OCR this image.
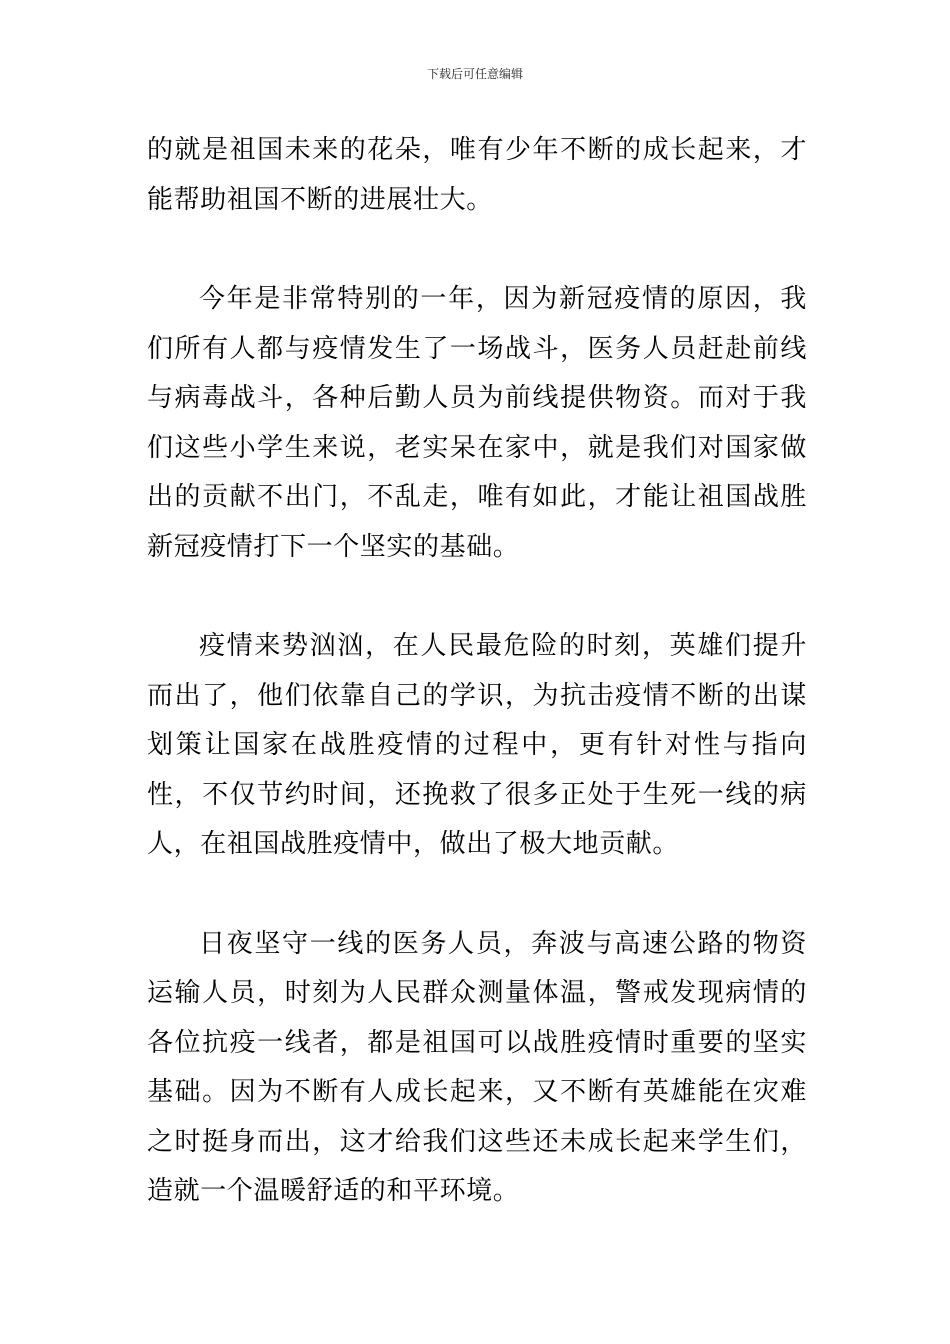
下载后可任意编辑

的就是祖国未来的花朵，唯有少年不断的成长起来，才能帮助祖国不断的进展壮大。

今年是非常特别的一年，因为新冠疫情的原因，我们所有人都与疫情发生了一场战斗，医务人员赶赴前线与病毒战斗，各种后勤人员为前线提供物资。而对于我们这些小学生来说，老实呆在家中，就是我们对国家做出的贡献不出门，不乱走，唯有如此，才能让祖国战胜新冠疫情打下一个坚实的基础。

疫情来势汹汹，在人民最危险的时刻，英雄们提升而出了，他们依靠自己的学识，为抗击疫情不断的出谋划策让国家在战胜疫情的过程中，更有针对性与指向性，不仅节约时间，还挽救了很多正处于生死一线的病人，在祖国战胜疫情中，做出了极大地贡献。

日夜坚守一线的医务人员，奔波与高速公路的物资运输人员，时刻为人民群众测量体温，警戒发现病情的各位抗疫一线者，都是祖国可以战胜疫情时重要的坚实基础。因为不断有人成长起来，又不断有英雄能在灾难之时挺身而出，这才给我们这些还未成长起来学生们，造就一个温暖舒适的和平环境。
